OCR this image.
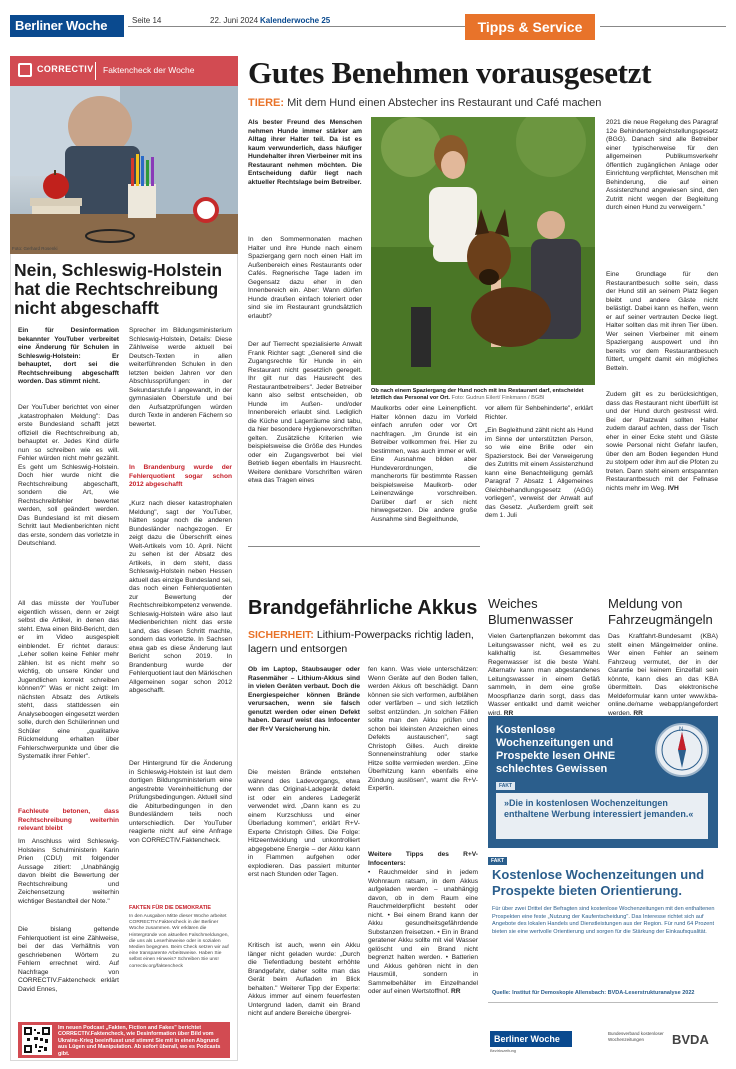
Berliner Woche	Seite 14	22. Juni 2024 Kalenderwoche 25	Tipps & Service
CORRECTIV Faktencheck der Woche
Foto: Gerhard Rosenki
Nein, Schleswig-Holstein hat die Rechtschreibung nicht abgeschafft
Ein für Desinformation bekannter YouTuber verbreitet eine Änderung für Schulen in Schleswig-Holstein: Er behauptet, dort sei die Rechtschreibung abgeschafft worden. Das stimmt nicht.
Der YouTuber berichtet von einer „katastrophalen Meldung": Das erste Bundesland schafft jetzt offiziell die Rechtschreibung ab, behauptet er. Jedes Kind dürfe nun so schreiben wie es will. Fehler würden nicht mehr gezählt. Es geht um Schleswig-Holstein. Doch hier wurde nicht die Rechtschreibung abgeschafft, sondern die Art, wie Rechtschreibfehler bewertet werden, soll geändert werden. Das Bundesland ist mit diesem Schritt laut Medienberichten nicht das erste, sondern das vorletzte in Deutschland.
All das müsste der YouTuber eigentlich wissen, denn er zeigt selbst die Artikel, in denen das steht. Etwa einen Bild-Bericht, den er im Video ausgespielt einblendet. Er richtet daraus: „Leher sollen keine Fehler mehr zählen. Ist es nicht mehr so wichtig, ob unsere Kinder und Jugendlichen korrekt schreiben können?" Was er nicht zeigt: Im nächsten Absatz des Artikels steht, dass stattdessen ein Analyseboogen eingesetzt werden solle, durch den Schülerinnen und Schüler eine „qualitative Rückmeldung erhalten über Fehlerschwerpunkte und über die Systematik ihrer Fehler".
Fachleute betonen, dass Rechtschreibung weiterhin relevant bleibt
Im Anschluss wird Schleswig-Holsteins Schulministerin Karin Prien (CDU) mit folgender Aussage zitiert: „Unabhängig davon bleibt die Bewertung der Rechtschreibung und Zeichensetzung weiterhin wichtiger Bestandteil der Note."
Die bislang geltende Fehlerquotient ist eine Zählweise, bei der das Verhältnis von geschriebenen Wörtern zu Fehlern errechnet wird. Auf Nachfrage von CORRECTIV.Faktencheck erklärt David Ennes,
Sprecher im Bildungsministerium Schleswig-Holstein, Details: Diese Zählweise werde aktuell bei Deutsch-Texten in allen weiterführenden Schulen in den letzten beiden Jahren vor den Abschlussprüfungen: in der Sekundarstufe I angewandt, in der gymnasialen Oberstufe und bei den Aufsatzprüfungen würden durch Texte in anderen Fächern so bewertet.
In Brandenburg wurde der Fehlerquotient sogar schon 2012 abgeschafft
„Kurz nach dieser katastrophalen Meldung", sagt der YouTuber, hätten sogar noch die anderen Bundesländer nachgezogen. Er zeigt dazu die Überschrift eines Welt-Artikels vom 10. April. Nicht zu sehen ist der Absatz des Artikels, in dem steht, dass Schleswig-Holstein neben Hessen aktuell das einzige Bundesland sei, das noch einen Fehlerquotienten zur Bewertung der Rechtschreibkompetenz verwende. Schleswig-Holstein wäre also laut Medienberichten nicht das erste Land, das diesen Schritt machte, sondern das vorletzte. In Sachsen etwa gab es diese Änderung laut Bericht schon 2019. In Brandenburg wurde der Fehlerquotient laut den Märkischen Allgemeinen sogar schon 2012 abgeschafft.
Der Hintergrund für die Änderung in Schleswig-Holstein ist laut dem dortigen Bildungsministerium eine angestrebte Vereinheitlichung der Prüfungsbedingungen. Aktuell sind die Abiturbedingungen in den Bundesländern teils noch unterschiedlich. Der YouTuber reagierte nicht auf eine Anfrage von CORRECTIV.Faktencheck.
FAKTEN FÜR DIE DEMOKRATIE
In den Ausgaben Mitte dieser Woche arbeitet CORRECTIV.Faktencheck in der Berliner Woche zusammen. Wir erklären die Hintergründe von aktuellen Falschmeldungen, die uns als Leserhinweise oder in sozialen Medien begegnen. Beim Check setzen wir auf eine transparente Arbeitsweise. Haben Sie selbst einen Hinweis? Schreiben Sie uns! correctiv.org/faktencheck
Im neuen Podcast „Fakten, Fiction and Fakes" berichtet CORRECTIV.Faktencheck, wie Desinformation über Bild vom Ukraine-Krieg beeinflusst und stimmt Sie mit in einen Abgrund aus Lügen und Manipulation. Ab sofort überall, wo es Podcasts gibt.
Gutes Benehmen vorausgesetzt
TIERE: Mit dem Hund einen Abstecher ins Restaurant und Café machen
Als bester Freund des Menschen nehmen Hunde immer stärker am Alltag ihrer Halter teil. Da ist es kaum verwunderlich, dass häufiger Hundehalter ihren Vierbeiner mit ins Restaurant nehmen möchten. Die Entscheidung dafür liegt nach aktueller Rechtslage beim Betreiber.
In den Sommermonaten machen Halter und ihre Hunde nach einem Spaziergang gern noch einen Halt im Außenbereich eines Restaurants oder Cafés. Regnerische Tage laden im Gegensatz dazu eher in den Innenbereich ein. Aber: Wann dürfen Hunde draußen einfach toleriert oder sind sie im Restaurant grundsätzlich erlaubt?
Der auf Tierrecht spezialisierte Anwalt Frank Richter sagt: „Generell sind die Zugangsrechte für Hunde in ein Restaurant nicht gesetzlich geregelt. Ihr gilt nur das Hausrecht des Restaurantbetreibers". Jeder Betreiber kann also selbst entscheiden, ob Hunde im Außen- und/oder Innenbereich erlaubt sind. Lediglich die Küche und Lagerräume sind tabu, da hier besondere Hygienevorschriften gelten. Zusätzliche Kriterien wie beispielsweise die Größe des Hundes oder ein Zugangsverbot bei viel Betrieb liegen ebenfalls im Hausrecht. Weitere denkbare Vorschriften wären etwa das Tragen eines
Ob nach einem Spaziergang der Hund noch mit ins Restaurant darf, entscheidet letztlich das Personal vor Ort. Foto: Gudrun Eilert/ Finkmann / BGBl
Maulkorbs oder eine Leinenpflicht. Halter können dazu im Vorfeld einfach anrufen oder vor Ort nachfragen. „Im Grunde ist ein Betreiber vollkommen frei. Hier zu bestimmen, was auch immer er will. Eine Ausnahme bilden aber Hundeverordnungen, die mancherorts für bestimmte Rassen beispielsweise Maulkorb- oder Leinenzwänge vorschreiben. Darüber darf er sich nicht hinwegsetzen. Die andere große Ausnahme sind Begleithunde,
vor allem für Sehbehinderte", erklärt Richter.
„Ein Begleithund zählt nicht als Hund im Sinne der unterstützten Person, so wie eine Brille oder ein Spazierstock. Bei der Verweigerung des Zutritts mit einem Assistenzhund kann eine Benachteiligung gemäß Paragraf 7 Absatz 1 Allgemeines Gleichbehandlungsgesetz (AGG) vorliegen", verweist der Anwalt auf das Gesetz. „Außerdem greift seit dem 1. Juli
2021 die neue Regelung des Paragraf 12e Behindertengleichstellungsgesetz (BGG). Danach sind alle Betreiber einer typischerweise für den allgemeinen Publikumsverkehr öffentlich zugänglichen Anlage oder Einrichtung verpflichtet, Menschen mit Behinderung, die auf einen Assistenzhund angewiesen sind, den Zutritt nicht wegen der Begleitung durch einen Hund zu verweigern."
Eine Grundlage für den Restaurantbesuch sollte sein, dass der Hund still an seinem Platz liegen bleibt und andere Gäste nicht belästigt. Dabei kann es helfen, wenn er auf seiner vertrauten Decke liegt. Halter sollten das mit ihren Tier üben. Wer seinen Vierbeiner mit einem Spaziergang auspowert und ihn bereits vor dem Restaurantbesuch füttert, umgeht damit ein mögliches Betteln.
Zudem gilt es zu berücksichtigen, dass das Restaurant nicht überfüllt ist und der Hund durch gestresst wird. Bei der Platzwahl sollten Halter zudem darauf achten, dass der Tisch eher in einer Ecke steht und Gäste sowie Personal nicht Gefahr laufen, über den am Boden liegenden Hund zu stolpern oder ihm auf die Pfoten zu treten. Dann steht einem entspannten Restaurantbesuch mit der Fellnase nichts mehr im Weg. IVH
Brandgefährliche Akkus
SICHERHEIT: Lithium-Powerpacks richtig laden, lagern und entsorgen
Ob im Laptop, Staubsauger oder Rasenmäher – Lithium-Akkus sind in vielen Geräten verbaut. Doch die Energiespeicher können Brände verursachen, wenn sie falsch genutzt werden oder einen Defekt haben. Darauf weist das Infocenter der R+V Versicherung hin.
Die meisten Brände entstehen während des Ladevorgangs, etwa wenn das Original-Ladegerät defekt ist oder ein anderes Ladegerät verwendet wird. „Dann kann es zu einem Kurzschluss und einer Überladung kommen", erklärt R+V-Experte Christoph Gilles. Die Folge: Hitzeentwicklung und unkontrolliert abgegebene Energie – der Akku kann in Flammen aufgehen oder explodieren. Das passiert mitunter erst nach Stunden oder Tagen.
Kritisch ist auch, wenn ein Akku länger nicht geladen wurde: „Durch die Tiefentladung besteht erhöhte Brandgefahr, daher sollte man das Gerät beim Aufladen im Blick behalten." Weiterer Tipp der Experte: Akkus immer auf einem feuerfesten Untergrund laden, damit ein Brand nicht auf andere Bereiche übergrei-
fen kann. Was viele unterschätzen: Wenn Geräte auf den Boden fallen, werden Akkus oft beschädigt. Dann können sie sich verformen, aufblähen oder verfärben – und sich letztlich selbst entzünden. „In solchen Fällen sollte man den Akku prüfen und schon bei kleinsten Anzeichen eines Defekts austauschen", sagt Christoph Gilles. Auch direkte Sonneneinstrahlung oder starke Hitze sollte vermieden werden. „Eine Überhitzung kann ebenfalls eine Zündung auslösen", warnt die R+V-Expertin.
Weitere Tipps des R+V-Infocenters:
• Rauchmelder sind in jedem Wohnraum ratsam, in dem Akkus aufgeladen werden – unabhängig davon, ob in dem Raum eine Rauchmelderpflicht besteht oder nicht. • Bei einem Brand kann der Akku gesundheitsgefährdende Substanzen freisetzen. • Ein in Brand geratener Akku sollte mit viel Wasser gelöscht und ein Brand nicht begrenzt halten werden. • Batterien und Akkus gehören nicht in den Hausmüll, sondern in Sammelbehälter im Einzelhandel oder auf einen Wertstoffhof. RR
Weiches Blumenwasser
Vielen Gartenpflanzen bekommt das Leitungswasser nicht, weil es zu kalkhaltig ist. Gesammeltes Regenwasser ist die beste Wahl. Alternativ kann man abgestandenes Leitungswasser in einem Gefäß sammeln, in dem eine große Moospflanze darin sorgt, dass das Wasser entkalkt und damit weicher wird. RR
Meldung von Fahrzeugmängeln
Das Kraftfahrt-Bundesamt (KBA) stellt einen Mängelmelder online. Wer einen Fehler an seinem Fahrzeug vermutet, der in der Garantie bei keinem Einzelfall sein könnte, kann dies an das KBA übermitteln. Das elektronische Meldeformular kann unter www.kba-online.de/name webapp/angefordert werden. RR
Kostenlose Wochenzeitungen und Prospekte lesen OHNE schlechtes Gewissen
N
FAKT
»Die in kostenlosen Wochenzeitungen enthaltene Werbung interessiert jemanden.«
FAKT
Kostenlose Wochenzeitungen und Prospekte bieten Orientierung.
Für über zwei Drittel der Befragten sind kostenlose Wochenzeitungen mit den enthaltenen Prospekten eine feste „Nutzung der Kaufentscheidung". Das Interesse richtet sich auf Angebote des lokalen Handels und Dienstleistungen aus der Region. Für rund 64 Prozent bieten sie eine wertvolle Orientierung und sorgen für die Stärkung der Einkaufsqualität.
Quelle: Institut für Demoskopie Allensbach: BVDA-Leserstrukturanalyse 2022
Berliner Woche
Bezirkszeitung
Bundesverband kostenloser Wochenzeitungen	BVDA
